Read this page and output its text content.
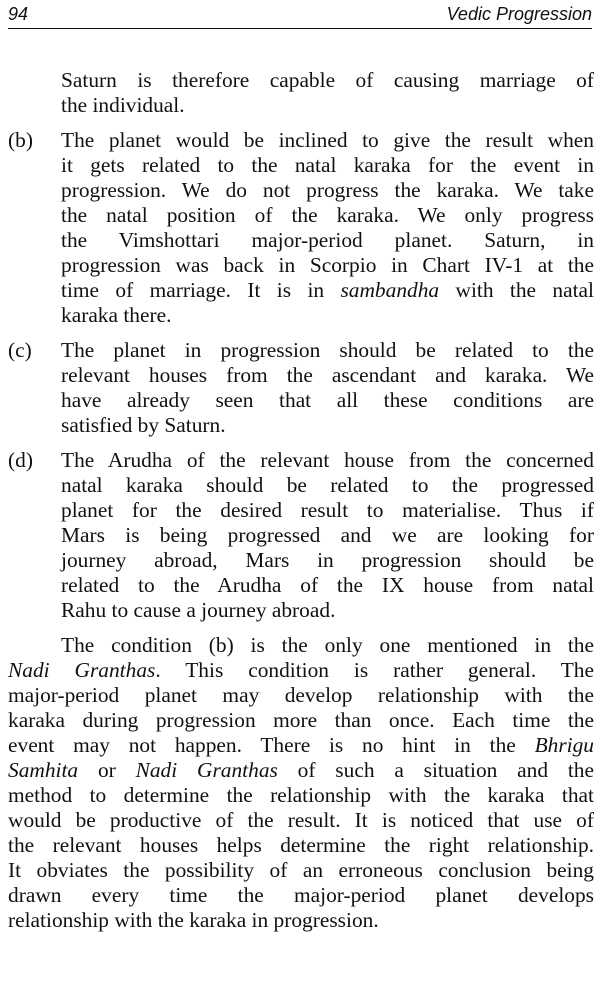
94	Vedic Progression
Saturn is therefore capable of causing marriage of
the individual.
(b) The planet would be inclined to give the result when
it gets related to the natal karaka for the event in
progression. We do not progress the karaka. We take
the natal position of the karaka. We only progress
the Vimshottari major-period planet. Saturn, in
progression was back in Scorpio in Chart IV-1 at the
time of marriage. It is in sambandha with the natal
karaka there.
(c) The planet in progression should be related to the
relevant houses from the ascendant and karaka. We
have already seen that all these conditions are
satisfied by Saturn.
(d) The Arudha of the relevant house from the concerned
natal karaka should be related to the progressed
planet for the desired result to materialise. Thus if
Mars is being progressed and we are looking for
journey abroad, Mars in progression should be
related to the Arudha of the IX house from natal
Rahu to cause a journey abroad.
The condition (b) is the only one mentioned in the
Nadi Granthas. This condition is rather general. The
major-period planet may develop relationship with the
karaka during progression more than once. Each time the
event may not happen. There is no hint in the Bhrigu
Samhita or Nadi Granthas of such a situation and the
method to determine the relationship with the karaka that
would be productive of the result. It is noticed that use of
the relevant houses helps determine the right relationship.
It obviates the possibility of an erroneous conclusion being
drawn every time the major-period planet develops
relationship with the karaka in progression.
